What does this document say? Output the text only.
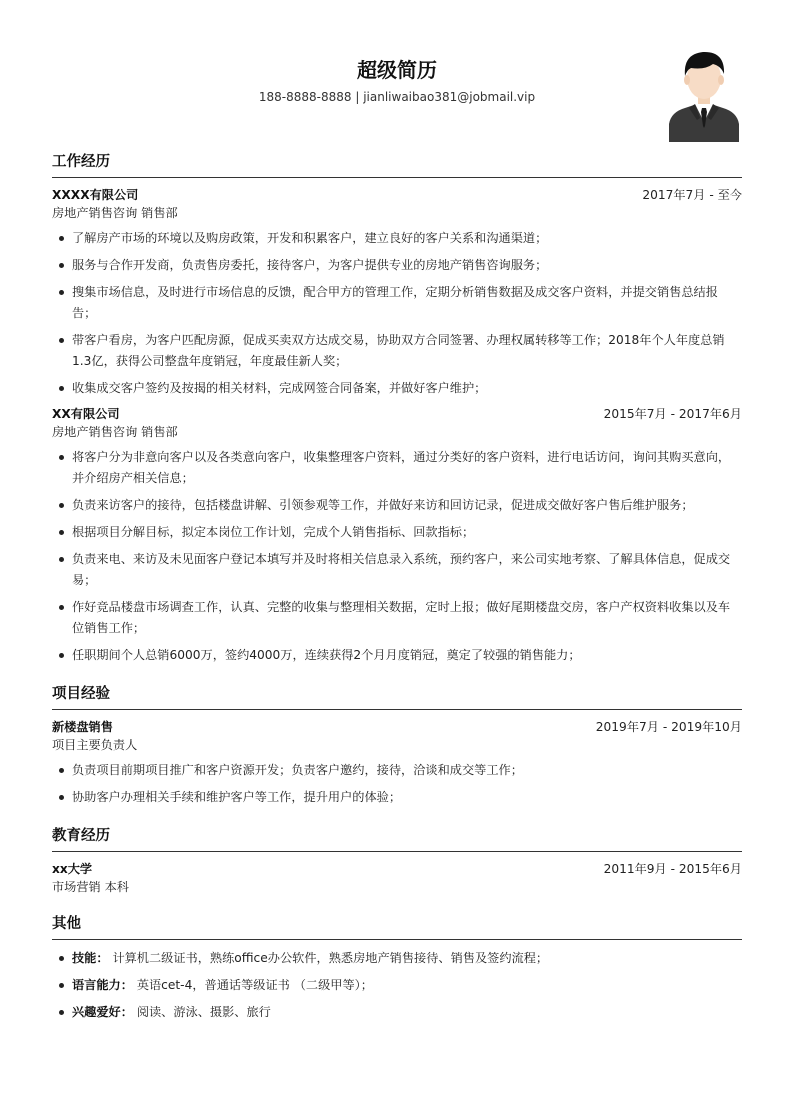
超级简历
188-8888-8888 | jianliwaibao381@jobmail.vip
工作经历
XXXX有限公司	2017年7月 - 至今
房地产销售咨询 销售部
了解房产市场的环境以及购房政策，开发和积累客户，建立良好的客户关系和沟通渠道；
服务与合作开发商，负责售房委托，接待客户，为客户提供专业的房地产销售咨询服务；
搜集市场信息，及时进行市场信息的反馈，配合甲方的管理工作，定期分析销售数据及成交客户资料，并提交销售总结报告；
带客户看房，为客户匹配房源，促成买卖双方达成交易，协助双方合同签署、办理权属转移等工作；2018年个人年度总销1.3亿，获得公司整盘年度销冠，年度最佳新人奖；
收集成交客户签约及按揭的相关材料，完成网签合同备案，并做好客户维护；
XX有限公司	2015年7月 - 2017年6月
房地产销售咨询 销售部
将客户分为非意向客户以及各类意向客户，收集整理客户资料，通过分类好的客户资料，进行电话访问，询问其购买意向，并介绍房产相关信息；
负责来访客户的接待，包括楼盘讲解、引领参观等工作，并做好来访和回访记录，促进成交做好客户售后维护服务；
根据项目分解目标，拟定本岗位工作计划，完成个人销售指标、回款指标；
负责来电、来访及未见面客户登记本填写并及时将相关信息录入系统，预约客户，来公司实地考察、了解具体信息，促成交易；
作好竞品楼盘市场调查工作，认真、完整的收集与整理相关数据，定时上报；做好尾期楼盘交房，客户产权资料收集以及车位销售工作；
任职期间个人总销6000万，签约4000万，连续获得2个月月度销冠，奠定了较强的销售能力；
项目经验
新楼盘销售	2019年7月 - 2019年10月
项目主要负责人
负责项目前期项目推广和客户资源开发；负责客户邀约，接待，洽谈和成交等工作；
协助客户办理相关手续和维护客户等工作，提升用户的体验；
教育经历
xx大学	2011年9月 - 2015年6月
市场营销 本科
其他
技能： 计算机二级证书，熟练office办公软件，熟悉房地产销售接待、销售及签约流程；
语言能力： 英语cet-4，普通话等级证书 （二级甲等）；
兴趣爱好： 阅读、游泳、摄影、旅行
